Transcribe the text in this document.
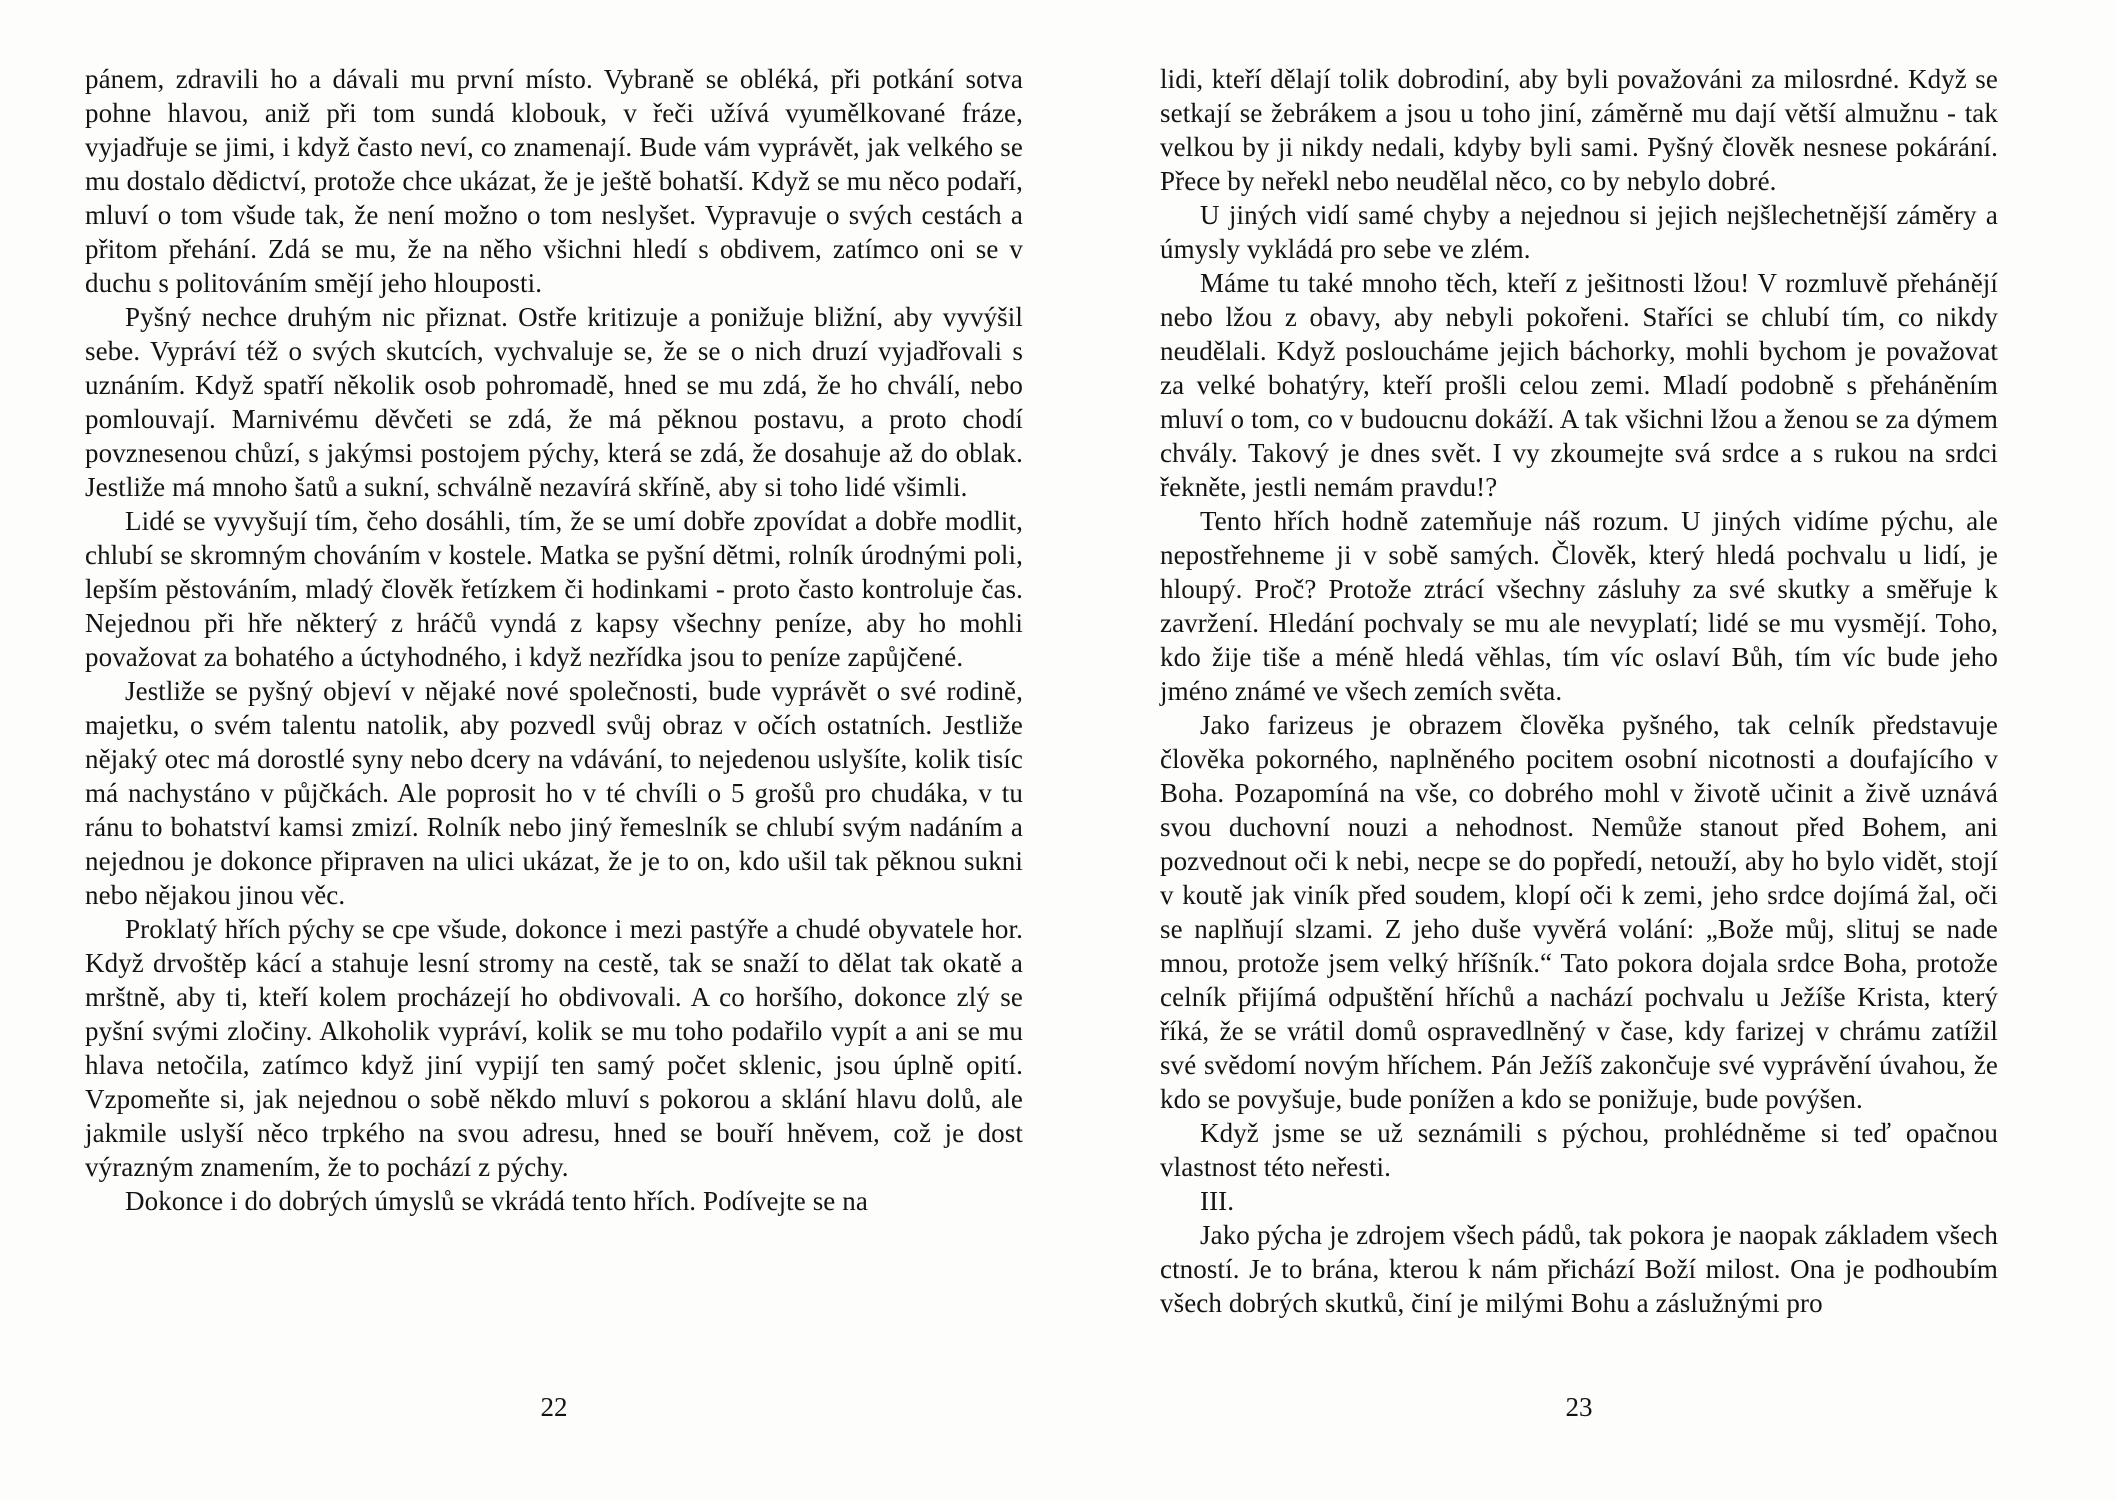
pánem, zdravili ho a dávali mu první místo. Vybraně se obléká, při potkání sotva pohne hlavou, aniž při tom sundá klobouk, v řeči užívá vyumělkované fráze, vyjadřuje se jimi, i když často neví, co znamenají. Bude vám vyprávět, jak velkého se mu dostalo dědictví, protože chce ukázat, že je ještě bohatší. Když se mu něco podaří, mluví o tom všude tak, že není možno o tom neslyšet. Vypravuje o svých cestách a přitom přehání. Zdá se mu, že na něho všichni hledí s obdivem, zatímco oni se v duchu s politováním smějí jeho hlouposti.

Pyšný nechce druhým nic přiznat. Ostře kritizuje a ponižuje bližní, aby vyvýšil sebe. Vypráví též o svých skutcích, vychvaluje se, že se o nich druzí vyjadřovali s uznáním. Když spatří několik osob pohromadě, hned se mu zdá, že ho chválí, nebo pomlouvají. Marnivému děvčeti se zdá, že má pěknou postavu, a proto chodí povznesenou chůzí, s jakýmsi postojem pýchy, která se zdá, že dosahuje až do oblak. Jestliže má mnoho šatů a sukní, schválně nezavírá skříně, aby si toho lidé všimli.

Lidé se vyvyšují tím, čeho dosáhli, tím, že se umí dobře zpovídat a dobře modlit, chlubí se skromným chováním v kostele. Matka se pyšní dětmi, rolník úrodnými poli, lepším pěstováním, mladý člověk řetízkem či hodinkami - proto často kontroluje čas. Nejednou při hře některý z hráčů vyndá z kapsy všechny peníze, aby ho mohli považovat za bohatého a úctyhodného, i když nezřídka jsou to peníze zapůjčené.

Jestliže se pyšný objeví v nějaké nové společnosti, bude vyprávět o své rodině, majetku, o svém talentu natolik, aby pozvedl svůj obraz v očích ostatních. Jestliže nějaký otec má dorostlé syny nebo dcery na vdávání, to nejedenou uslyšíte, kolik tisíc má nachystáno v půjčkách. Ale poprosit ho v té chvíli o 5 grošů pro chudáka, v tu ránu to bohatství kamsi zmizí. Rolník nebo jiný řemeslník se chlubí svým nadáním a nejednou je dokonce připraven na ulici ukázat, že je to on, kdo ušil tak pěknou sukni nebo nějakou jinou věc.

Proklatý hřích pýchy se cpe všude, dokonce i mezi pastýře a chudé obyvatele hor. Když drvoštěp kácí a stahuje lesní stromy na cestě, tak se snaží to dělat tak okatě a mrštně, aby ti, kteří kolem procházejí ho obdivovali. A co horšího, dokonce zlý se pyšní svými zločiny. Alkoholik vypráví, kolik se mu toho podařilo vypít a ani se mu hlava netočila, zatímco když jiní vypijí ten samý počet sklenic, jsou úplně opití. Vzpomeňte si, jak nejednou o sobě někdo mluví s pokorou a sklání hlavu dolů, ale jakmile uslyší něco trpkého na svou adresu, hned se bouří hněvem, což je dost výrazným znamením, že to pochází z pýchy.

Dokonce i do dobrých úmyslů se vkrádá tento hřích. Podívejte se na

22

lidi, kteří dělají tolik dobrodiní, aby byli považováni za milosrdné. Když se setkají se žebrákem a jsou u toho jiní, záměrně mu dají větší almužnu - tak velkou by ji nikdy nedali, kdyby byli sami. Pyšný člověk nesnese pokárání. Přece by neřekl nebo neudělal něco, co by nebylo dobré.

U jiných vidí samé chyby a nejednou si jejich nejšlechetnější záměry a úmysly vykládá pro sebe ve zlém.

Máme tu také mnoho těch, kteří z ješitnosti lžou! V rozmluvě přehánějí nebo lžou z obavy, aby nebyli pokořeni. Staříci se chlubí tím, co nikdy neudělali. Když posloucháme jejich báchorky, mohli bychom je považovat za velké bohatýry, kteří prošli celou zemi. Mladí podobně s přeháněním mluví o tom, co v budoucnu dokáží. A tak všichni lžou a ženou se za dýmem chvály. Takový je dnes svět. I vy zkoumejte svá srdce a s rukou na srdci řekněte, jestli nemám pravdu!?

Tento hřích hodně zatemňuje náš rozum. U jiných vidíme pýchu, ale nepostřehneme ji v sobě samých. Člověk, který hledá pochvalu u lidí, je hloupý. Proč? Protože ztrácí všechny zásluhy za své skutky a směřuje k zavržení. Hledání pochvaly se mu ale nevyplatí; lidé se mu vysmějí. Toho, kdo žije tiše a méně hledá věhlas, tím víc oslaví Bůh, tím víc bude jeho jméno známé ve všech zemích světa.

Jako farizeus je obrazem člověka pyšného, tak celník představuje člověka pokorného, naplněného pocitem osobní nicotnosti a doufajícího v Boha. Pozapomíná na vše, co dobrého mohl v životě učinit a živě uznává svou duchovní nouzi a nehodnost. Nemůže stanout před Bohem, ani pozvednout oči k nebi, necpe se do popředí, netouží, aby ho bylo vidět, stojí v koutě jak viník před soudem, klopí oči k zemi, jeho srdce dojímá žal, oči se naplňují slzami. Z jeho duše vyvěrá volání: „Bože můj, slituj se nade mnou, protože jsem velký hříšník.“ Tato pokora dojala srdce Boha, protože celník přijímá odpuštění hříchů a nachází pochvalu u Ježíše Krista, který říká, že se vrátil domů ospravedlněný v čase, kdy farizej v chrámu zatížil své svědomí novým hříchem. Pán Ježíš zakončuje své vyprávění úvahou, že kdo se povyšuje, bude ponížen a kdo se ponižuje, bude povýšen.

Když jsme se už seznámili s pýchou, prohlédněme si teď opačnou vlastnost této neřesti.

III.

Jako pýcha je zdrojem všech pádů, tak pokora je naopak základem všech ctností. Je to brána, kterou k nám přichází Boží milost. Ona je podhoubím všech dobrých skutků, činí je milými Bohu a záslužnými pro

23
